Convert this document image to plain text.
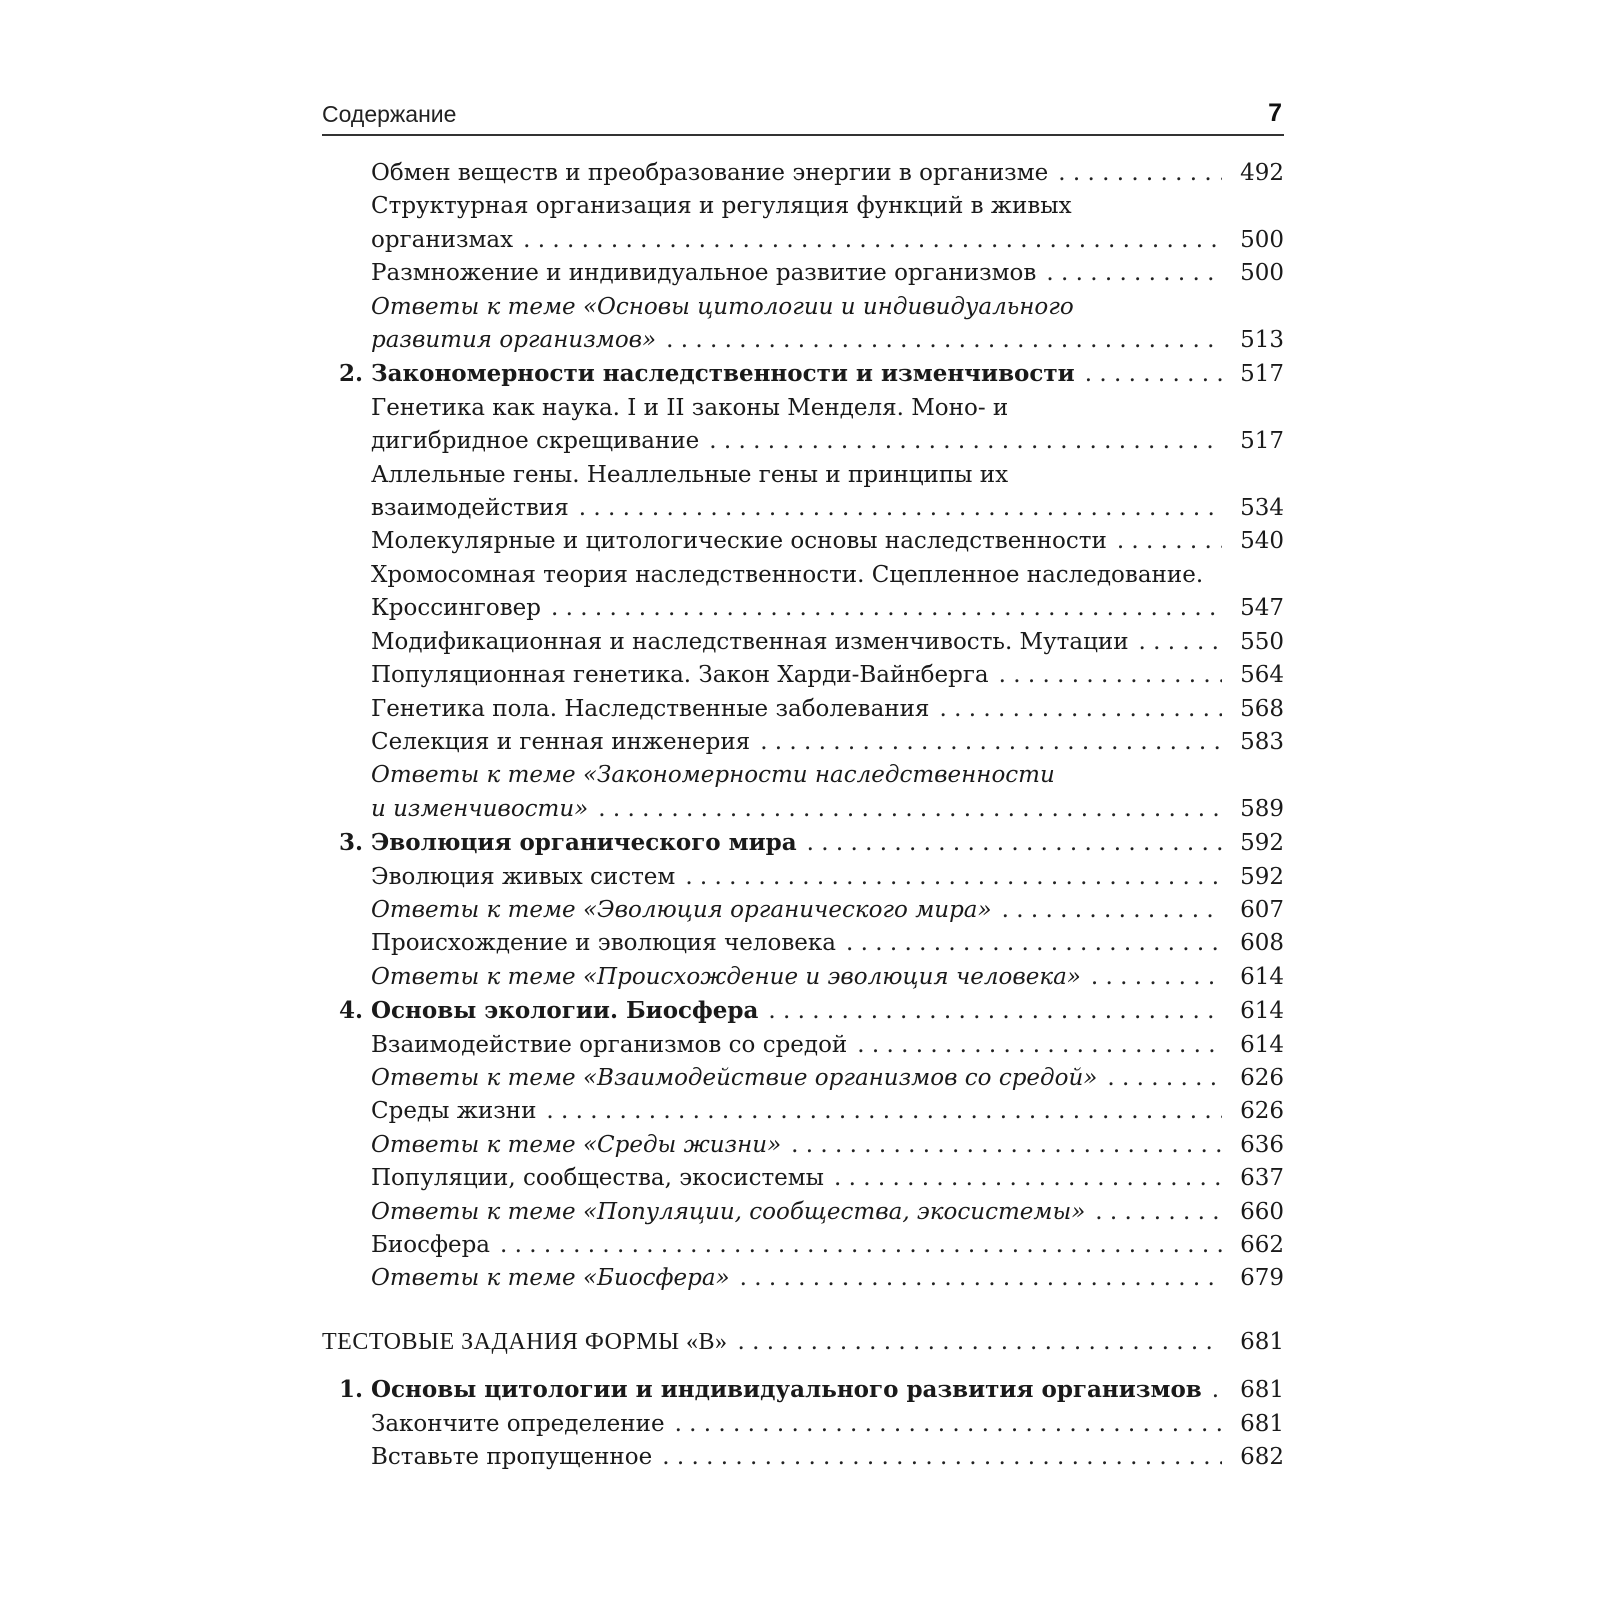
Содержание	7
Обмен веществ и преобразование энергии в организме . . .	492
Структурная организация и регуляция функций в живых
организмах . . .	500
Размножение и индивидуальное развитие организмов . . .	500
Ответы к теме «Основы цитологии и индивидуального
развития организмов» . . .	513
2. Закономерности наследственности и изменчивости . . .	517
Генетика как наука. I и II законы Менделя. Моно- и
дигибридное скрещивание . . .	517
Аллельные гены. Неаллельные гены и принципы их
взаимодействия . . .	534
Молекулярные и цитологические основы наследственности . . .	540
Хромосомная теория наследственности. Сцепленное наследование.
Кроссинговер . . .	547
Модификационная и наследственная изменчивость. Мутации . . .	550
Популяционная генетика. Закон Харди-Вайнберга . . .	564
Генетика пола. Наследственные заболевания . . .	568
Селекция и генная инженерия . . .	583
Ответы к теме «Закономерности наследственности
и изменчивости» . . .	589
3. Эволюция органического мира . . .	592
Эволюция живых систем . . .	592
Ответы к теме «Эволюция органического мира» . . .	607
Происхождение и эволюция человека . . .	608
Ответы к теме «Происхождение и эволюция человека» . . .	614
4. Основы экологии. Биосфера . . .	614
Взаимодействие организмов со средой . . .	614
Ответы к теме «Взаимодействие организмов со средой» . . .	626
Среды жизни . . .	626
Ответы к теме «Среды жизни» . . .	636
Популяции, сообщества, экосистемы . . .	637
Ответы к теме «Популяции, сообщества, экосистемы» . . .	660
Биосфера . . .	662
Ответы к теме «Биосфера» . . .	679
ТЕСТОВЫЕ ЗАДАНИЯ ФОРМЫ «В» . . .	681
1. Основы цитологии и индивидуального развития организмов . . .	681
Закончите определение . . .	681
Вставьте пропущенное . . .	682
